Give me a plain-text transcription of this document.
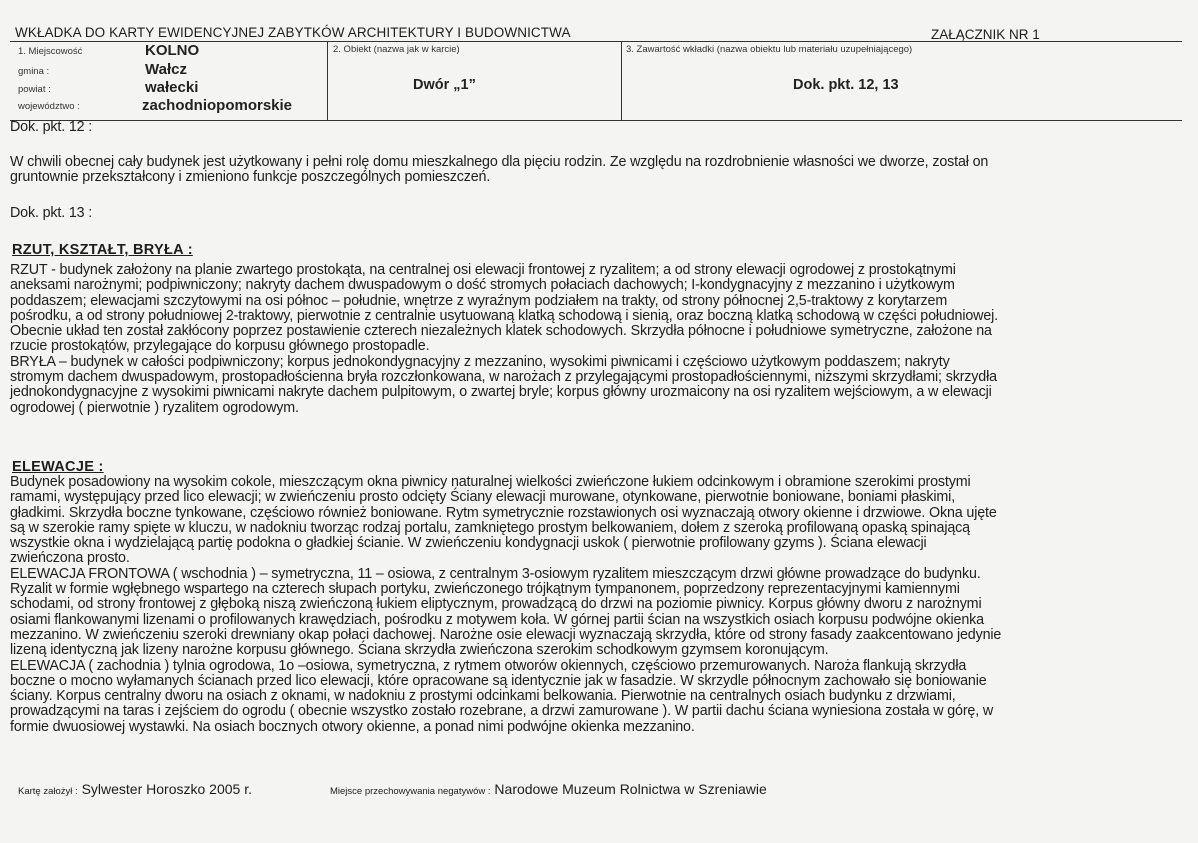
WKŁADKA DO KARTY EWIDENCYJNEJ ZABYTKÓW ARCHITEKTURY I BUDOWNICTWA	ZAŁĄCZNIK NR 1
1. Miejscowość	KOLNO
gmina :	Wałcz
powiat :	wałecki
województwo :	zachodniopomorskie
2. Obiekt (nazwa jak w karcie)
Dwór „1”
3. Zawartość wkładki (nazwa obiektu lub materiału uzupełniającego)
Dok. pkt. 12, 13
Dok. pkt. 12 :
W chwili obecnej cały budynek jest użytkowany i pełni rolę domu mieszkalnego dla pięciu rodzin. Ze względu na rozdrobnienie własności we dworze, został on
gruntownie przekształcony i zmieniono funkcje poszczególnych pomieszczeń.
Dok. pkt. 13 :
RZUT, KSZTAŁT, BRYŁA :
RZUT - budynek założony na planie zwartego prostokąta, na centralnej osi elewacji frontowej z ryzalitem; a od strony elewacji ogrodowej z prostokątnymi
aneksami narożnymi; podpiwniczony; nakryty dachem dwuspadowym o dość stromych połaciach dachowych; I-kondygnacyjny z mezzanino i użytkowym
poddaszem; elewacjami szczytowymi na osi północ – południe, wnętrze z wyraźnym podziałem na trakty, od strony północnej 2,5-traktowy z korytarzem
pośrodku, a od strony południowej 2-traktowy, pierwotnie z centralnie usytuowaną klatką schodową i sienią, oraz boczną klatką schodową w części południowej.
Obecnie układ ten został zakłócony poprzez postawienie czterech niezależnych klatek schodowych. Skrzydła północne i południowe symetryczne, założone na
rzucie prostokątów, przylegające do korpusu głównego prostopadle.
BRYŁA – budynek w całości podpiwniczony; korpus jednokondygnacyjny z mezzanino, wysokimi piwnicami i częściowo użytkowym poddaszem; nakryty
stromym dachem dwuspadowym, prostopadłościenna bryła rozczłonkowana, w narożach z przylegającymi prostopadłościennymi, niższymi skrzydłami; skrzydła
jednokondygnacyjne z wysokimi piwnicami nakryte dachem pulpitowym, o zwartej bryle; korpus główny urozmaicony na osi ryzalitem wejściowym, a w elewacji
ogrodowej ( pierwotnie ) ryzalitem ogrodowym.
ELEWACJE :
Budynek posadowiony na wysokim cokole, mieszczącym okna piwnicy naturalnej wielkości zwieńczone łukiem odcinkowym i obramione szerokimi prostymi
ramami, występujący przed lico elewacji; w zwieńczeniu prosto odcięty Ściany elewacji murowane, otynkowane, pierwotnie boniowane, boniami płaskimi,
gładkimi. Skrzydła boczne tynkowane, częściowo również boniowane. Rytm symetrycznie rozstawionych osi wyznaczają otwory okienne i drzwiowe. Okna ujęte
są w szerokie ramy spięte w kluczu, w nadokniu tworząc rodzaj portalu, zamkniętego prostym belkowaniem, dołem z szeroką profilowaną opaską spinającą
wszystkie okna i wydzielającą partię podokna o gładkiej ścianie. W zwieńczeniu kondygnacji uskok ( pierwotnie profilowany gzyms ). Ściana elewacji
zwieńczona prosto.
ELEWACJA FRONTOWA ( wschodnia ) – symetryczna, 11 – osiowa, z centralnym 3-osiowym ryzalitem mieszczącym drzwi główne prowadzące do budynku.
Ryzalit w formie wgłębnego wspartego na czterech słupach portyku, zwieńczonego trójkątnym tympanonem, poprzedzony reprezentacyjnymi kamiennymi
schodami, od strony frontowej z głęboką niszą zwieńczoną łukiem eliptycznym, prowadzącą do drzwi na poziomie piwnicy. Korpus główny dworu z narożnymi
osiami flankowanymi lizenami o profilowanych krawędziach, pośrodku z motywem koła. W górnej partii ścian na wszystkich osiach korpusu podwójne okienka
mezzanino. W zwieńczeniu szeroki drewniany okap połaci dachowej. Narożne osie elewacji wyznaczają skrzydła, które od strony fasady zaakcentowano jedynie
lizeną identyczną jak lizeny narożne korpusu głównego. Ściana skrzydła zwieńczona szerokim schodkowym gzymsem koronującym.
ELEWACJA ( zachodnia ) tylnia ogrodowa, 1o –osiowa, symetryczna, z rytmem otworów okiennych, częściowo przemurowanych. Naroża flankują skrzydła
boczne o mocno wyłamanych ścianach przed lico elewacji, które opracowane są identycznie jak w fasadzie. W skrzydle północnym zachowało się boniowanie
ściany. Korpus centralny dworu na osiach z oknami, w nadokniu z prostymi odcinkami belkowania. Pierwotnie na centralnych osiach budynku z drzwiami,
prowadzącymi na taras i zejściem do ogrodu ( obecnie wszystko zostało rozebrane, a drzwi zamurowane ). W partii dachu ściana wyniesiona została w górę, w
formie dwuosiowej wystawki. Na osiach bocznych otwory okienne, a ponad nimi podwójne okienka mezzanino.
Kartę założył : Sylwester Horoszko 2005 r.	Miejsce przechowywania negatywów : Narodowe Muzeum Rolnictwa w Szreniawie
